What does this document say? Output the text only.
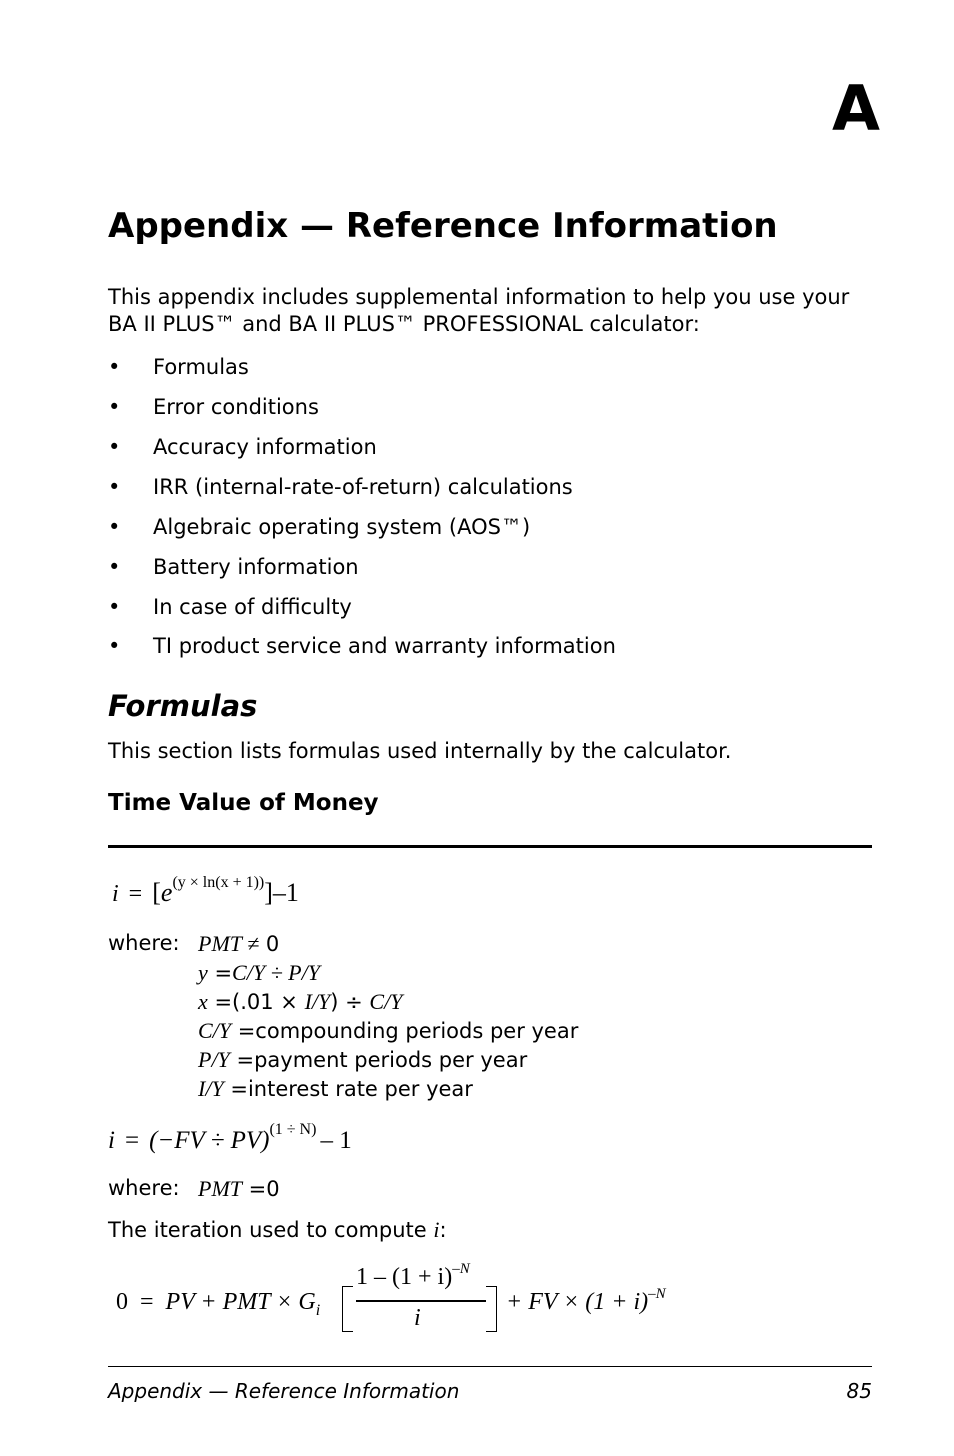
A
Appendix — Reference Information
This appendix includes supplemental information to help you use your BA II PLUS™ and BA II PLUS™ PROFESSIONAL calculator:
• Formulas
• Error conditions
• Accuracy information
• IRR (internal-rate-of-return) calculations
• Algebraic operating system (AOS™)
• Battery information
• In case of difficulty
• TI product service and warranty information
Formulas
This section lists formulas used internally by the calculator.
Time Value of Money
i = [e(y × ln(x + 1))]–1
where: PMT ≠ 0
y =C/Y ÷ P/Y
x =(.01 × I/Y) ÷ C/Y
C/Y =compounding periods per year
P/Y =payment periods per year
I/Y =interest rate per year
i = (−FV ÷ PV)(1 ÷ N) – 1
where: PMT =0
The iteration used to compute i:
0 = PV + PMT × $G_i$
$1 - (1 + i)^{-N}$
i
+ FV × $(1 + i)^{-N}$
Appendix — Reference Information	85
